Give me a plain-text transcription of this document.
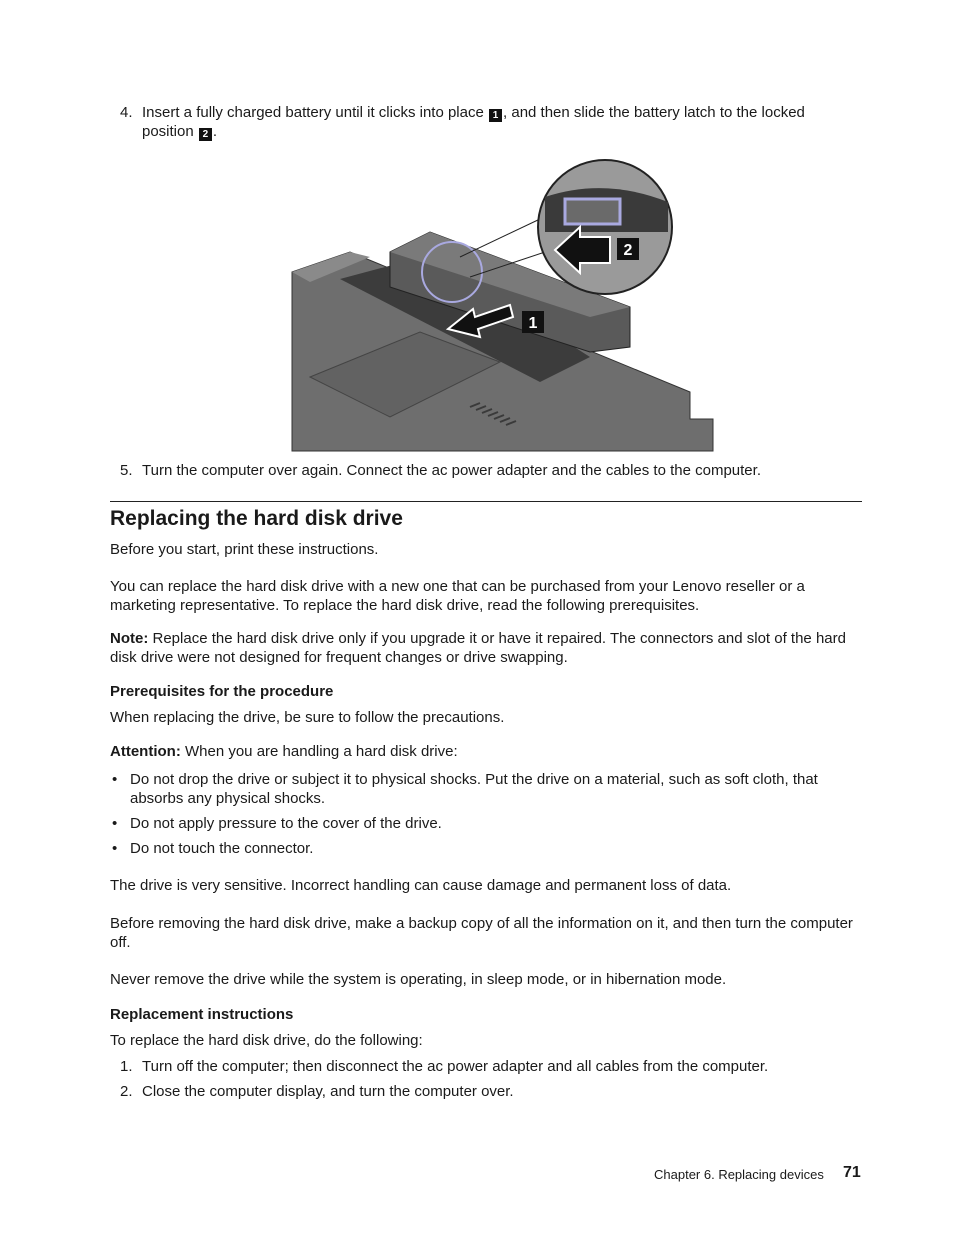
4. Insert a fully charged battery until it clicks into place 1 , and then slide the battery latch to the locked
position 2 .
2
1
5. Turn the computer over again. Connect the ac power adapter and the cables to the computer.
Replacing the hard disk drive
Before you start, print these instructions.
You can replace the hard disk drive with a new one that can be purchased from your Lenovo reseller or a marketing representative. To replace the hard disk drive, read the following prerequisites.
Note: Replace the hard disk drive only if you upgrade it or have it repaired. The connectors and slot of the hard disk drive were not designed for frequent changes or drive swapping.
Prerequisites for the procedure
When replacing the drive, be sure to follow the precautions.
Attention: When you are handling a hard disk drive:
• Do not drop the drive or subject it to physical shocks. Put the drive on a material, such as soft cloth, that absorbs any physical shocks.
• Do not apply pressure to the cover of the drive.
• Do not touch the connector.
The drive is very sensitive. Incorrect handling can cause damage and permanent loss of data.
Before removing the hard disk drive, make a backup copy of all the information on it, and then turn the computer off.
Never remove the drive while the system is operating, in sleep mode, or in hibernation mode.
Replacement instructions
To replace the hard disk drive, do the following:
1. Turn off the computer; then disconnect the ac power adapter and all cables from the computer.
2. Close the computer display, and turn the computer over.
Chapter 6. Replacing devices 71
